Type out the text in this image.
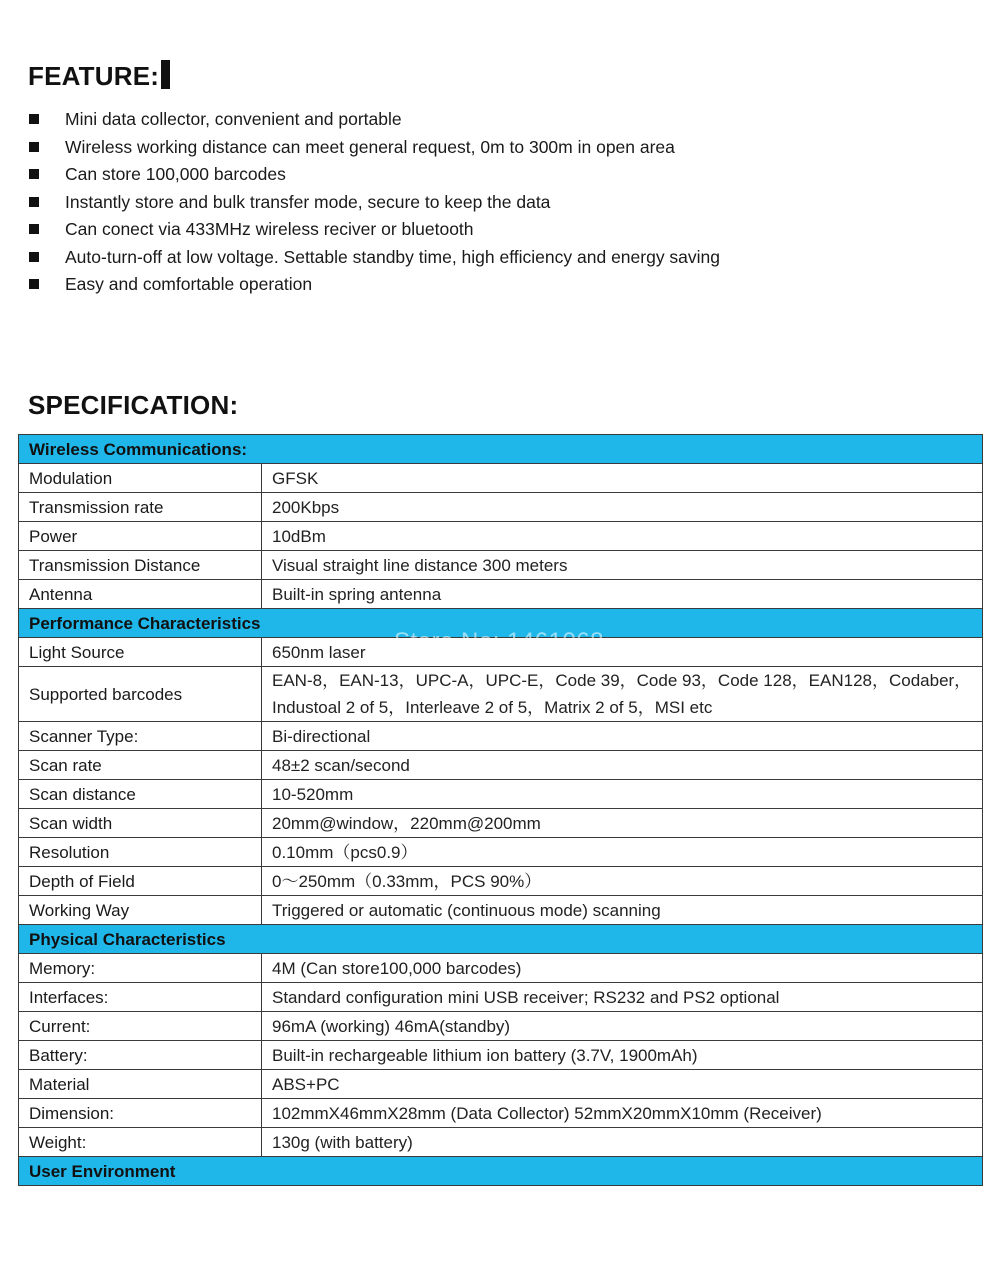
FEATURE:
Mini data collector, convenient and portable
Wireless working distance can meet general request, 0m to 300m in open area
Can store 100,000 barcodes
Instantly store and bulk transfer mode, secure to keep the data
Can conect via 433MHz wireless reciver or bluetooth
Auto-turn-off at low voltage. Settable standby time, high efficiency and energy saving
Easy and comfortable operation
SPECIFICATION:
Wireless Communications:	
Modulation	GFSK
Transmission rate	200Kbps
Power	10dBm
Transmission Distance	Visual straight line distance 300 meters
Antenna	Built-in spring antenna
Performance Characteristics	
Light Source	650nm laser
Supported barcodes	EAN-8，EAN-13，UPC-A，UPC-E，Code 39，Code 93，Code 128，EAN128，Codaber，Industoal 2 of 5，Interleave 2 of 5，Matrix 2 of 5，MSI etc
Scanner Type:	Bi-directional
Scan rate	48±2 scan/second
Scan distance	10-520mm
Scan width	20mm@window，220mm@200mm
Resolution	0.10mm（pcs0.9）
Depth of Field	0～250mm（0.33mm，PCS 90%）
Working Way	Triggered or automatic (continuous mode) scanning
Physical Characteristics	
Memory:	4M (Can store100,000 barcodes)
Interfaces:	Standard configuration mini USB receiver; RS232 and PS2 optional
Current:	96mA (working) 46mA(standby)
Battery:	Built-in rechargeable lithium ion battery (3.7V, 1900mAh)
Material	ABS+PC
Dimension:	102mmX46mmX28mm (Data Collector) 52mmX20mmX10mm (Receiver)
Weight:	130g (with battery)
User Environment	
Store No: 1461068
